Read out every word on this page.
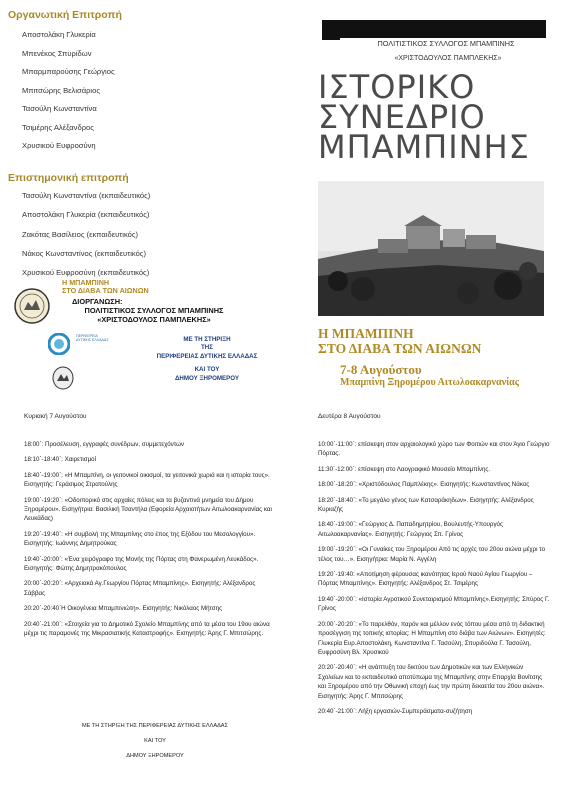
Οργανωτική Επιτροπή
Αποστολάκη Γλυκερία
Μπενέκος Σπυρίδων
Μπαρμπαρούσης Γεώργιος
Μπιτσώρης Βελισάριος
Τασούλη Κωνσταντίνα
Τσιμέρης Αλέξανδρος
Χρυσικού Ευφροσύνη
Επιστημονική επιτροπή
Τασούλη Κωνσταντίνα (εκπαιδευτικός)
Αποστολάκη Γλυκερία (εκπαιδευτικός)
Ζακότας Βασίλειος (εκπαιδευτικός)
Νάκος Κωνσταντίνος (εκπαιδευτικός)
Χρυσικού Ευφροσύνη (εκπαιδευτικός)
Η ΜΠΑΜΠΙΝΗ
ΣΤΟ ΔΙΑΒΑ ΤΩΝ ΑΙΩΝΩΝ
ΔΙΟΡΓΑΝΩΣΗ:
ΠΟΛΙΤΙΣΤΙΚΟΣ ΣΥΛΛΟΓΟΣ ΜΠΑΜΠΙΝΗΣ
«ΧΡΙΣΤΟΔΟΥΛΟΣ ΠΑΜΠΛΕΚΗΣ»
ΠΕΡΙΦΕΡΕΙΑ ΔΥΤΙΚΗΣ ΕΛΛΑΔΑΣ	ΜΕ ΤΗ ΣΤΗΡΙΞΗ
ΤΗΣ
ΠΕΡΙΦΕΡΕΙΑΣ ΔΥΤΙΚΗΣ ΕΛΛΑΔΑΣ
ΚΑΙ ΤΟΥ
ΔΗΜΟΥ ΞΗΡΟΜΕΡΟΥ
ΠΟΛΙΤΙΣΤΙΚΟΣ ΣΥΛΛΟΓΟΣ ΜΠΑΜΠΙΝΗΣ
«ΧΡΙΣΤΟΔΟΥΛΟΣ ΠΑΜΠΛΕΚΗΣ»
ΙΣΤΟΡΙΚΟ
ΣΥΝΕΔΡΙΟ
ΜΠΑΜΠΙΝΗΣ
Η ΜΠΑΜΠΙΝΗ
ΣΤΟ ΔΙΑΒΑ ΤΩΝ ΑΙΩΝΩΝ
7-8 Αυγούστου
Μπαμπίνη Ξηρομέρου Αιτωλοακαρνανίας
Κυριακή 7 Αυγούστου
18:00΄: Προσέλευση, εγγραφές συνέδρων, συμμετεχόντων
18:10΄-18:40΄: Χαιρετισμοί
18:40΄-19:00΄: «Η Μπαμπίνη, οι γειτονικοί οικισμοί, τα γειτονικά χωριά και η ιστορία τους». Εισηγητής: Γεράσιμος Στρατούλης
19:00΄-19:20΄: «Οδοιπορικό στις αρχαίες πόλεις και τα βυζαντινά μνημεία του Δήμου Ξηρομέρου». Εισηγήτρια: Βασιλική Τσαντήλα (Εφορεία Αρχαιοτήτων Αιτωλοακαρνανίας και Λευκάδας)
19:20΄-19:40΄: «Η συμβολή της Μπαμπίνης στο έπος της Εξόδου του Μεσολογγίου». Εισηγητής: Ιωάννης Δημητρούκας
19:40΄-20:00΄: «Ένα χειρόγραφο της Μονής της Πόρτας στη Φανερωμένη Λευκάδος». Εισηγητής: Φώτης Δημητρακόπουλος
20:00΄-20:20΄: «Αρχειακά Αγ.Γεωργίου Πόρτας Μπαμπίνης». Εισηγητής: Αλέξανδρος Σάββας
20:20΄-20:40΄Η Οικογένεια Μπαμπινιώτη». Εισηγητής: Νικόλαος Μήτσης
20:40΄-21:00΄: «Στοιχεία για το Δημοτικό Σχολείο Μπαμπίνης από τα μέσα του 19ου αιώνα μέχρι τις παραμονές της Μικρασιατικής Καταστροφής». Εισηγητής: Άρης Γ. Μπιτσώρης.
ΜΕ ΤΗ ΣΤΗΡΙΞΗ ΤΗΣ ΠΕΡΙΦΕΡΕΙΑΣ ΔΥΤΙΚΗΣ ΕΛΛΑΔΑΣ
ΚΑΙ ΤΟΥ
ΔΗΜΟΥ ΞΗΡΟΜΕΡΟΥ
Δευτέρα 8 Αυγούστου
10:00΄-11:00΄: επίσκεψη στον αρχαιολογικό χώρο των Φοιτιών και στον Άγιο Γεώργιο Πόρτας.
11:30΄-12:00΄: επίσκεψη στο Λαογραφικό Μουσείο Μπαμπίνης.
18:00΄-18:20΄: «Χριστόδουλος Παμπλέκης». Εισηγητής: Κωνσταντίνος Νάκος
18:20΄-18:40΄: «Το μεγάλο γένος των Κατσαράκηδων». Εισηγητής: Αλέξανδρος Κυριαζής
18:40΄-19:00΄: «Γεώργιος Δ. Παπαδημητρίου, Βουλευτής-Υπουργός Αιτωλοακαρνανίας». Εισηγητής: Γεώργιος Σπ. Γρίνος
19:00΄-19:20΄: «Οι Γυναίκες του Ξηρομέρου Από τις αρχές του 20ου αιώνα μέχρι το τέλος του…». Εισηγήτρια: Μαρία Ν. Αγγέλη
19:20΄-19:40: «Αποτίμηση φέρουσας ικανότητας Ιερού Ναού Αγίου Γεωργίου – Πόρτας Μπαμπίνης». Εισηγητής: Αλέξανδρος Στ. Τσιμέρης
19:40΄-20:00΄: «Ιστορία Αγροτικού Συνεταιρισμού Μπαμπίνης».Εισηγητής: Σπύρος Γ. Γρίνος
20:00΄-20:20΄: «Το παρελθόν, παρόν και μέλλον ενός τόπου μέσα από τη διδακτική προσέγγιση της τοπικής ιστορίας: Η Μπαμπίνη στο διάβα των Αιώνων». Εισηγητές: Γλυκερία Ευρ.Αποστολάκη, Κωνσταντίνα Γ. Τασούλη, Σπυριδούλα Γ. Τασούλη, Ευφροσύνη Βλ. Χρυσικού
20:20΄-20:40΄: «Η ανάπτυξη του δικτύου των Δημοτικών και των Ελληνικών Σχολείων και το εκπαιδευτικό αποτύπωμα της Μπαμπίνης στην Επαρχία Βονίτσης και Ξηρομέρου από την Οθωνική εποχή έως την πρώτη δεκαετία του 20ου αιώνα». Εισηγητής: Άρης Γ. Μπιτσώρης
20:40΄-21:00΄: Λήξη εργασιών-Συμπεράσματα-συζήτηση
